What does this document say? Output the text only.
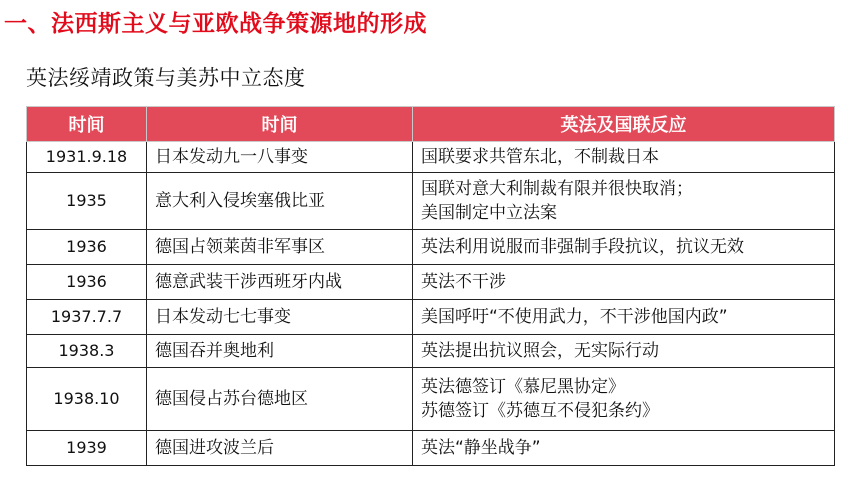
一、法西斯主义与亚欧战争策源地的形成
英法绥靖政策与美苏中立态度
时间	时间	英法及国联反应
1931.9.18	日本发动九一八事变	国联要求共管东北，不制裁日本

1935	意大利入侵埃塞俄比亚	国联对意大利制裁有限并很快取消；
美国制定中立法案

1936	德国占领莱茵非军事区	英法利用说服而非强制手段抗议，抗议无效

1936	德意武装干涉西班牙内战	英法不干涉

1937.7.7	日本发动七七事变	美国呼吁“不使用武力，不干涉他国内政”

1938.3	德国吞并奥地利	英法提出抗议照会，无实际行动

1938.10	德国侵占苏台德地区	英法德签订《慕尼黑协定》
苏德签订《苏德互不侵犯条约》

1939	德国进攻波兰后	英法“静坐战争”
